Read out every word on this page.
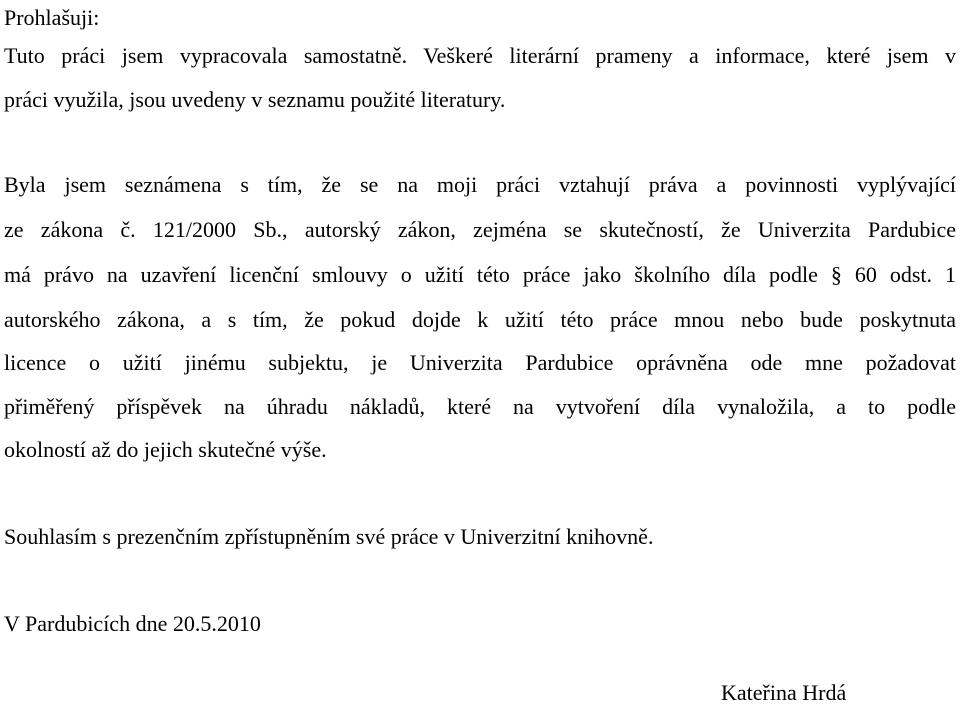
Prohlašuji:
Tuto práci jsem vypracovala samostatně. Veškeré literární prameny a informace, které jsem v
práci využila, jsou uvedeny v seznamu použité literatury.
Byla jsem seznámena s tím, že se na moji práci vztahují práva a povinnosti vyplývající
ze zákona č. 121/2000 Sb., autorský zákon, zejména se skutečností, že Univerzita Pardubice
má právo na uzavření licenční smlouvy o užití této práce jako školního díla podle § 60 odst. 1
autorského zákona, a s tím, že pokud dojde k užití této práce mnou nebo bude poskytnuta
licence o užití jinému subjektu, je Univerzita Pardubice oprávněna ode mne požadovat
přiměřený příspěvek na úhradu nákladů, které na vytvoření díla vynaložila, a to podle
okolností až do jejich skutečné výše.
Souhlasím s prezenčním zpřístupněním své práce v Univerzitní knihovně.
V Pardubicích dne 20.5.2010
Kateřina Hrdá
